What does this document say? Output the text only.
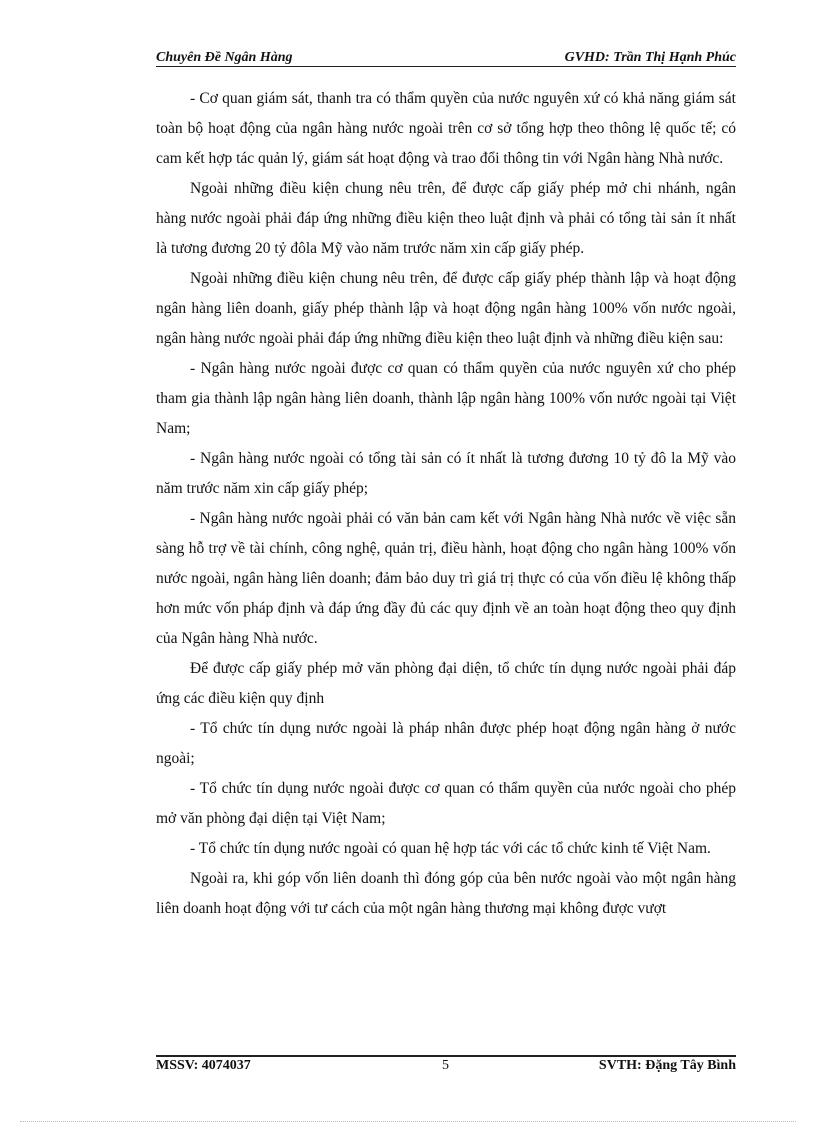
Chuyên Đề Ngân Hàng	GVHD: Trần Thị Hạnh Phúc

- Cơ quan giám sát, thanh tra có thẩm quyền của nước nguyên xứ có khả năng giám sát toàn bộ hoạt động của ngân hàng nước ngoài trên cơ sở tổng hợp theo thông lệ quốc tế; có cam kết hợp tác quản lý, giám sát hoạt động và trao đổi thông tin với Ngân hàng Nhà nước.

Ngoài những điều kiện chung nêu trên, để được cấp giấy phép mở chi nhánh, ngân hàng nước ngoài phải đáp ứng những điều kiện theo luật định và phải có tổng tài sản ít nhất là tương đương 20 tỷ đôla Mỹ vào năm trước năm xin cấp giấy phép.

Ngoài những điều kiện chung nêu trên, để được cấp giấy phép thành lập và hoạt động ngân hàng liên doanh, giấy phép thành lập và hoạt động ngân hàng 100% vốn nước ngoài, ngân hàng nước ngoài phải đáp ứng những điều kiện theo luật định và những điều kiện sau:

- Ngân hàng nước ngoài được cơ quan có thẩm quyền của nước nguyên xứ cho phép tham gia thành lập ngân hàng liên doanh, thành lập ngân hàng 100% vốn nước ngoài tại Việt Nam;

- Ngân hàng nước ngoài có tổng tài sản có ít nhất là tương đương 10 tỷ đô la Mỹ vào năm trước năm xin cấp giấy phép;

- Ngân hàng nước ngoài phải có văn bản cam kết với Ngân hàng Nhà nước về việc sẵn sàng hỗ trợ về tài chính, công nghệ, quản trị, điều hành, hoạt động cho ngân hàng 100% vốn nước ngoài, ngân hàng liên doanh; đảm bảo duy trì giá trị thực có của vốn điều lệ không thấp hơn mức vốn pháp định và đáp ứng đầy đủ các quy định về an toàn hoạt động theo quy định của Ngân hàng Nhà nước.

Để được cấp giấy phép mở văn phòng đại diện, tổ chức tín dụng nước ngoài phải đáp ứng các điều kiện quy định

- Tổ chức tín dụng nước ngoài là pháp nhân được phép hoạt động ngân hàng ở nước ngoài;

- Tổ chức tín dụng nước ngoài được cơ quan có thẩm quyền của nước ngoài cho phép mở văn phòng đại diện tại Việt Nam;

- Tổ chức tín dụng nước ngoài có quan hệ hợp tác với các tổ chức kinh tế Việt Nam.

Ngoài ra, khi góp vốn liên doanh thì đóng góp của bên nước ngoài vào một ngân hàng liên doanh hoạt động với tư cách của một ngân hàng thương mại không được vượt

MSSV: 4074037	5	SVTH: Đặng Tây Bình
